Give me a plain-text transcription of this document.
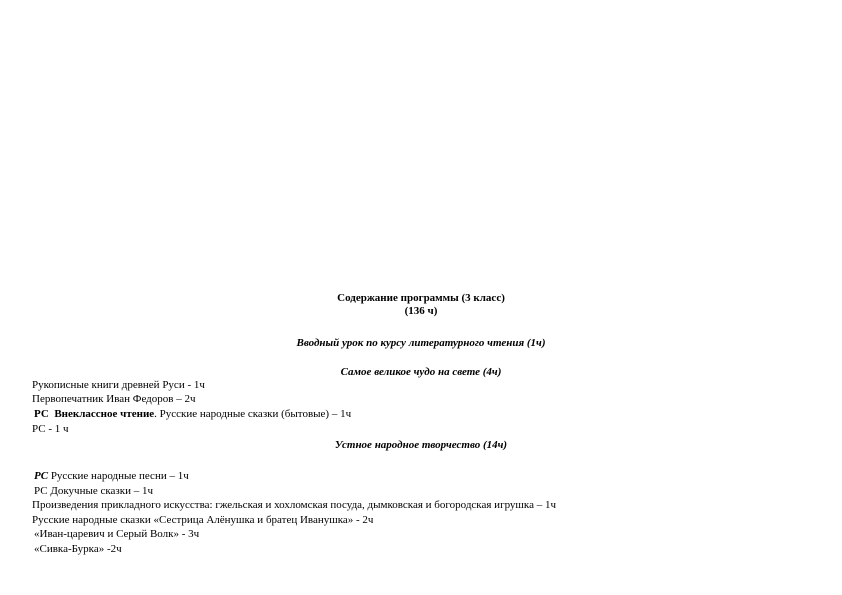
Содержание программы (3 класс)
(136 ч)
Вводный урок по курсу литературного чтения (1ч)
Самое великое чудо на свете (4ч)
Рукописные книги древней Руси - 1ч
Первопечатник Иван Федоров – 2ч
РС Внеклассное чтение. Русские народные сказки (бытовые) – 1ч
РС - 1 ч
Устное народное творчество (14ч)
РС Русские народные песни – 1ч
РС Докучные сказки – 1ч
Произведения прикладного искусства: гжельская и хохломская посуда, дымковская и богородская игрушка – 1ч
Русские народные сказки «Сестрица Алёнушка и братец Иванушка» - 2ч
«Иван-царевич и Серый Волк» - 3ч
«Сивка-Бурка» -2ч
